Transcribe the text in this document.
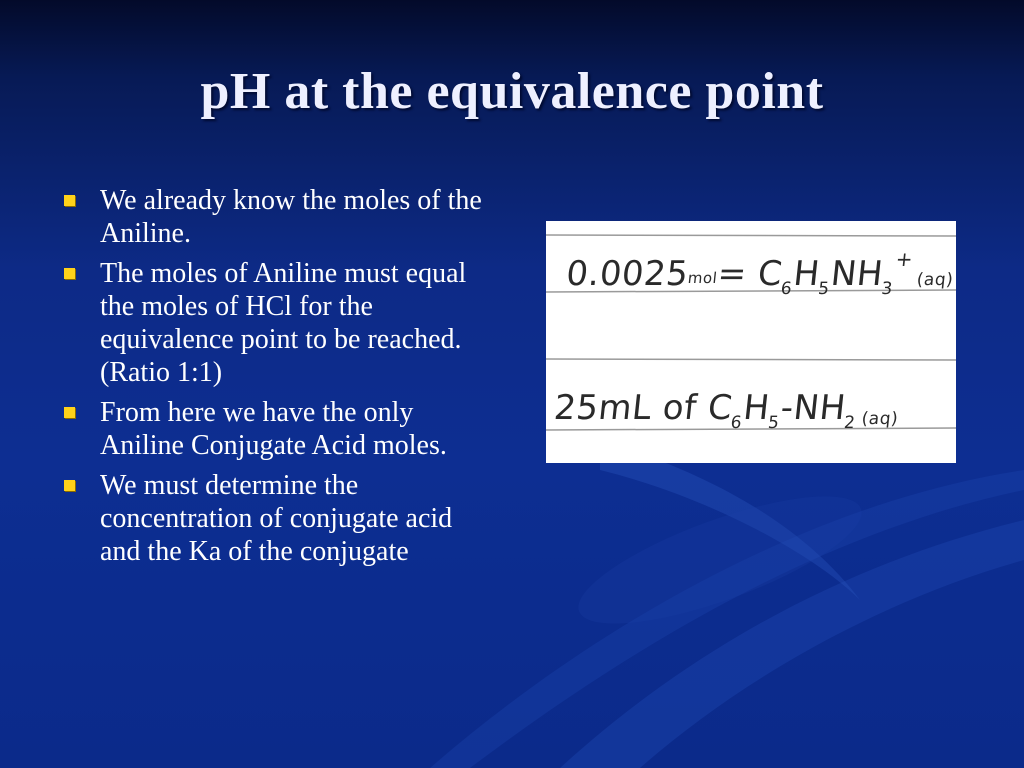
pH at the equivalence point
We already know the moles of the Aniline.
The moles of Aniline must equal the moles of HCl for the equivalence point to be reached. (Ratio 1:1)
From here we have the only Aniline Conjugate Acid moles.
We must determine the concentration of conjugate acid and the Ka of the conjugate
$0.0025mol= C_6H_5NH_3^+$ $_{(aq)}$
25mL of $C_6H_5-NH_2$ (aq)
